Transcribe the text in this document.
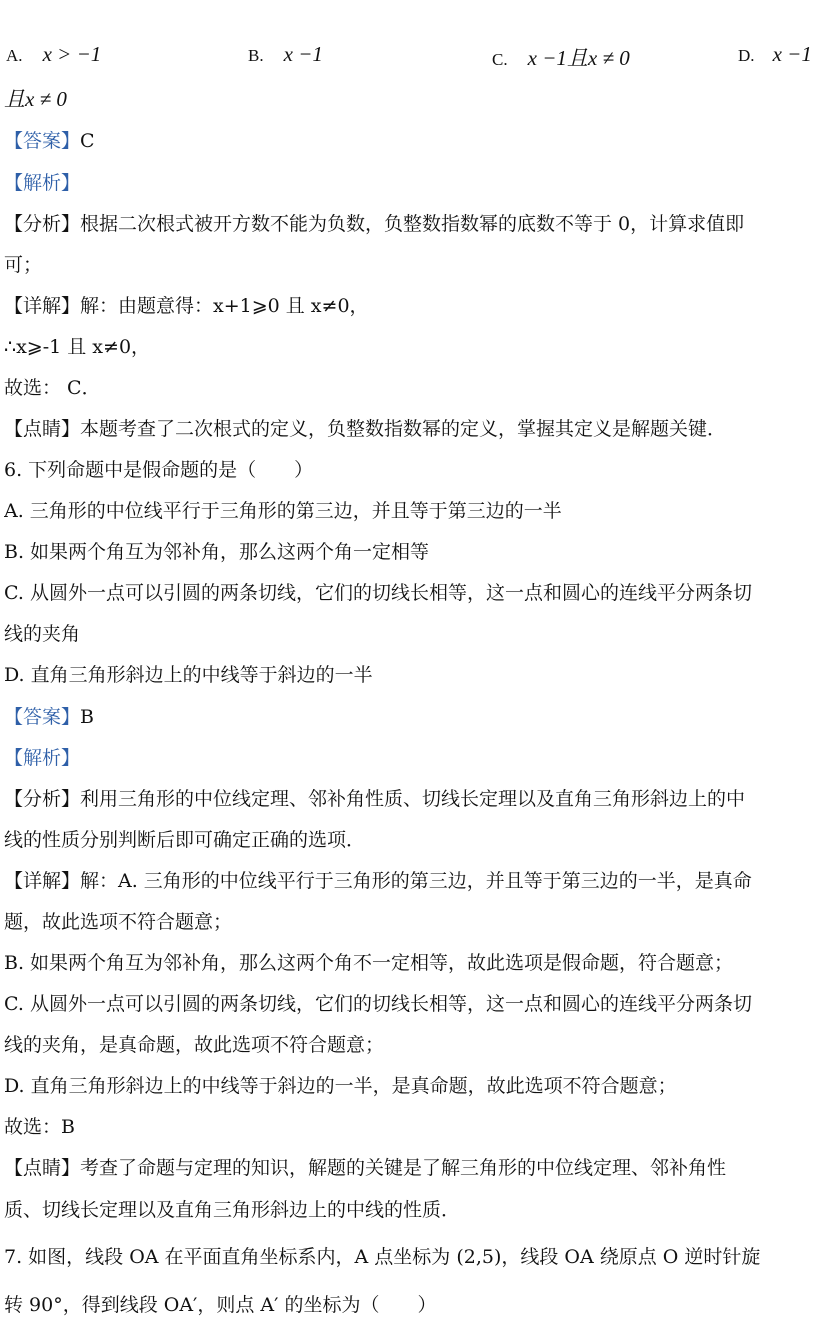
A. x > −1	B. x −1	C. x −1且x ≠ 0	D. x −1
且x ≠ 0
【答案】C
【解析】
【分析】根据二次根式被开方数不能为负数，负整数指数幂的底数不等于 0，计算求值即
可；
【详解】解：由题意得：x+1⩾0 且 x≠0，
∴x⩾-1 且 x≠0，
故选： C．
【点睛】本题考查了二次根式的定义，负整数指数幂的定义，掌握其定义是解题关键．
6. 下列命题中是假命题的是（　　）
A. 三角形的中位线平行于三角形的第三边，并且等于第三边的一半
B. 如果两个角互为邻补角，那么这两个角一定相等
C. 从圆外一点可以引圆的两条切线，它们的切线长相等，这一点和圆心的连线平分两条切
线的夹角
D. 直角三角形斜边上的中线等于斜边的一半
【答案】B
【解析】
【分析】利用三角形的中位线定理、邻补角性质、切线长定理以及直角三角形斜边上的中
线的性质分别判断后即可确定正确的选项．
【详解】解：A. 三角形的中位线平行于三角形的第三边，并且等于第三边的一半，是真命
题，故此选项不符合题意；
B. 如果两个角互为邻补角，那么这两个角不一定相等，故此选项是假命题，符合题意；
C. 从圆外一点可以引圆的两条切线，它们的切线长相等，这一点和圆心的连线平分两条切
线的夹角，是真命题，故此选项不符合题意；
D. 直角三角形斜边上的中线等于斜边的一半，是真命题，故此选项不符合题意；
故选：B
【点睛】考查了命题与定理的知识，解题的关键是了解三角形的中位线定理、邻补角性
质、切线长定理以及直角三角形斜边上的中线的性质．
7. 如图，线段 OA 在平面直角坐标系内，A 点坐标为 (2,5)，线段 OA 绕原点 O 逆时针旋
转 90°，得到线段 OA′，则点 A′ 的坐标为（　　）
